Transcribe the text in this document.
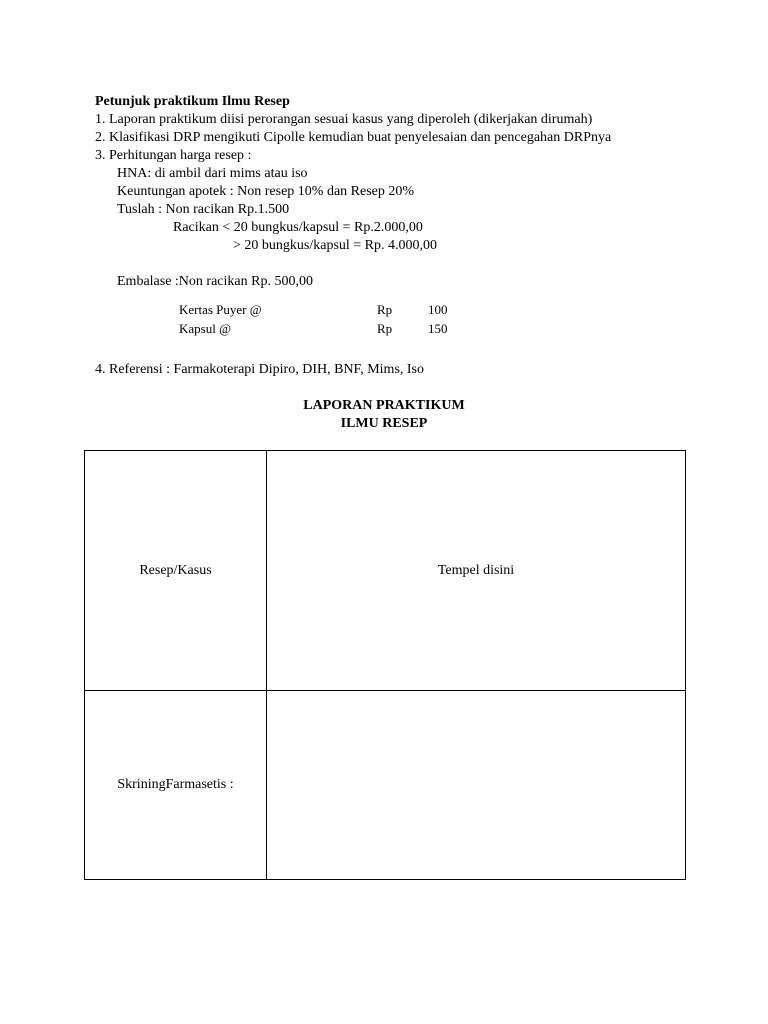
Petunjuk praktikum Ilmu Resep
1. Laporan praktikum diisi perorangan sesuai kasus yang diperoleh (dikerjakan dirumah)
2. Klasifikasi DRP mengikuti Cipolle kemudian buat penyelesaian dan pencegahan DRPnya
3. Perhitungan harga resep :
HNA: di ambil dari mims atau iso
Keuntungan apotek : Non resep 10% dan Resep 20%
Tuslah : Non racikan Rp.1.500
Racikan < 20 bungkus/kapsul = Rp.2.000,00
> 20 bungkus/kapsul = Rp. 4.000,00
Embalase :Non racikan Rp. 500,00
Kertas Puyer @	Rp	100
Kapsul @	Rp	150
4. Referensi : Farmakoterapi Dipiro, DIH, BNF, Mims, Iso
LAPORAN PRAKTIKUM
ILMU RESEP
Resep/Kasus	Tempel disini
SkriningFarmasetis :	
